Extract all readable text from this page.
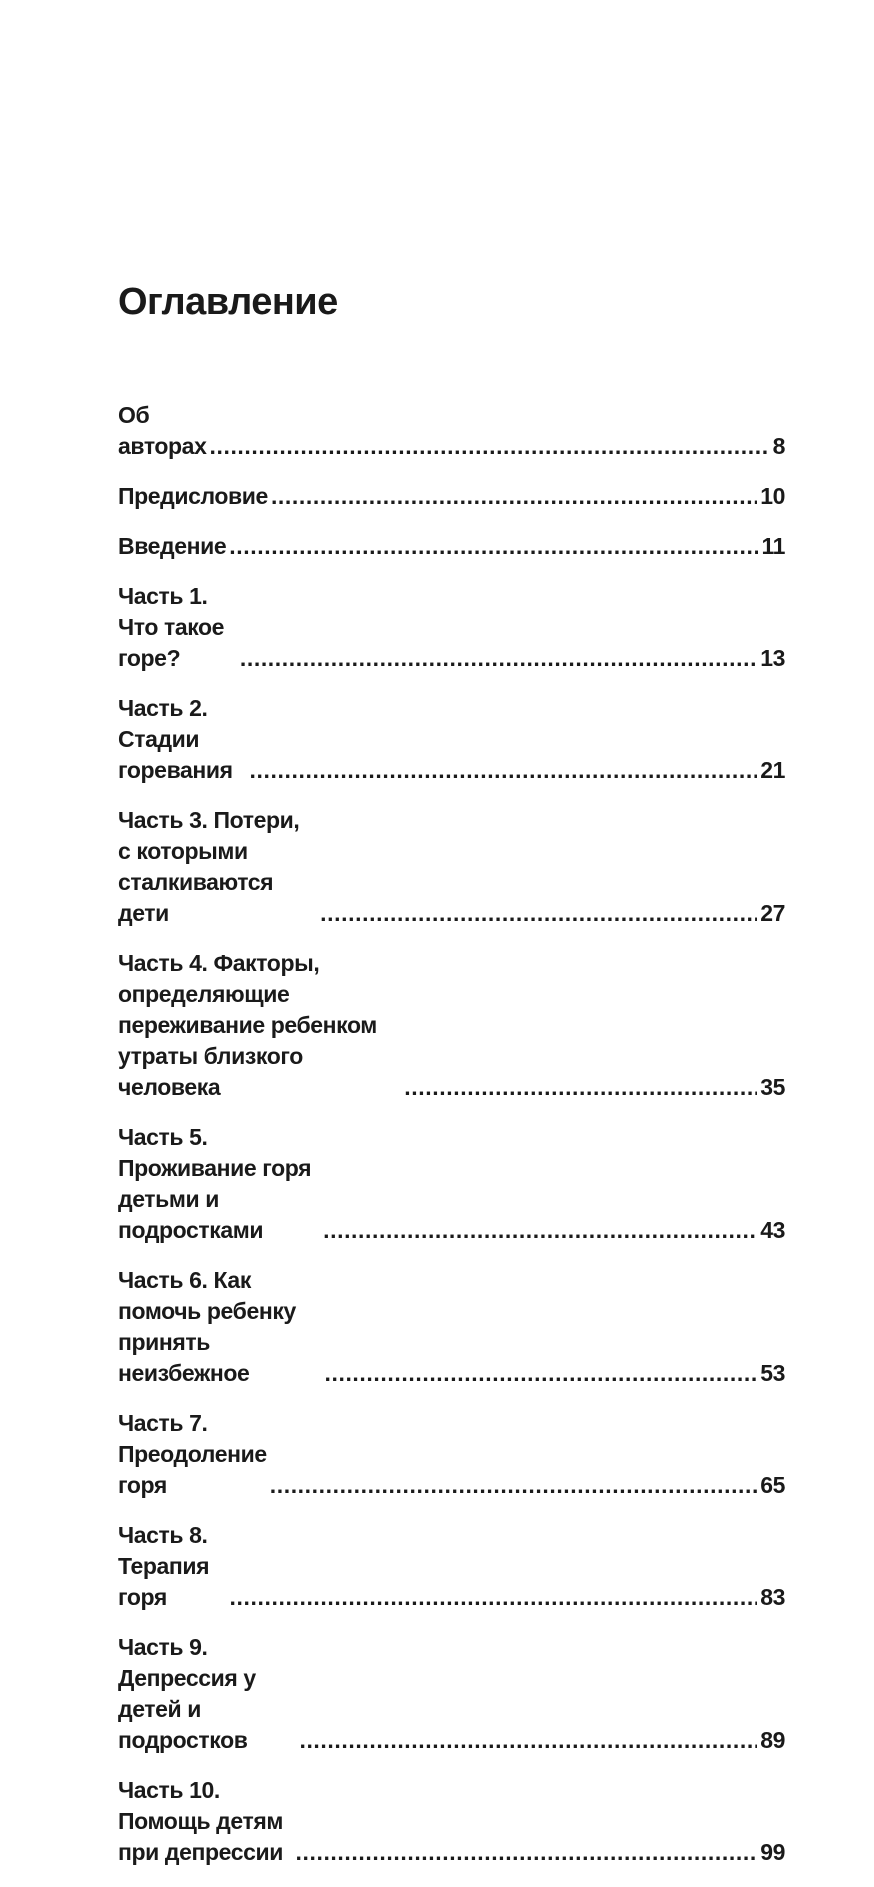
Оглавление
Об авторах .....	8
Предисловие .....	10
Введение .....	11
Часть 1. Что такое горе? .....	13
Часть 2. Стадии горевания .....	21
Часть 3. Потери, с которыми сталкиваются дети .....	27
Часть 4. Факторы, определяющие переживание ребенком утраты близкого человека .....	35
Часть 5. Проживание горя детьми и подростками .....	43
Часть 6. Как помочь ребенку принять неизбежное .....	53
Часть 7. Преодоление горя .....	65
Часть 8. Терапия горя .....	83
Часть 9. Депрессия у детей и подростков .....	89
Часть 10. Помощь детям при депрессии .....	99
